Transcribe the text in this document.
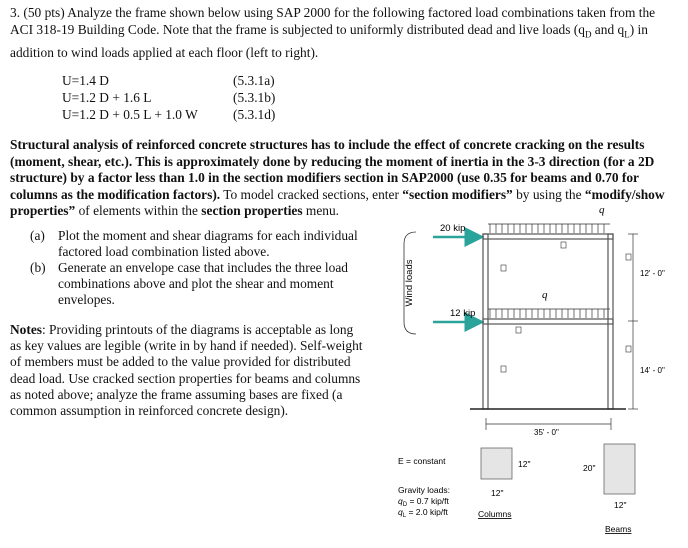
3. (50 pts) Analyze the frame shown below using SAP 2000 for the following factored load combinations taken from the
ACI 318-19 Building Code. Note that the frame is subjected to uniformly distributed dead and live loads ($q_D$ and $q_L$) in
addition to wind loads applied at each floor (left to right).
U=1.4 D
U=1.2 D + 1.6 L
U=1.2 D + 0.5 L + 1.0 W
(5.3.1a)
(5.3.1b)
(5.3.1d)
Structural analysis of reinforced concrete structures has to include the effect of concrete cracking on the results
(moment, shear, etc.). This is approximately done by reducing the moment of inertia in the 3-3 direction (for a 2D
structure) by a factor less than 1.0 in the section modifiers section in SAP2000 (use 0.35 for beams and 0.70 for
columns as the modification factors). To model cracked sections, enter “section modifiers” by using the “modify/show
properties” of elements within the section properties menu.
(a) Plot the moment and shear diagrams for each individual
factored load combination listed above.
(b) Generate an envelope case that includes the three load
combinations above and plot the shear and moment
envelopes.
Notes: Providing printouts of the diagrams is acceptable as long
as key values are legible (write in by hand if needed). Self-weight
of members must be added to the value provided for distributed
dead load. Use cracked section properties for beams and columns
as noted above; analyze the frame assuming bases are fixed (a
common assumption in reinforced concrete design).
Wind loads
20 kip
12 kip
q
q
12' - 0"
14' - 0"
35' - 0"
12"
12"
Columns
20"
12"
Beams
E = constant
Gravity loads:
$q_D = 0.7$ kip/ft
$q_L = 2.0$ kip/ft
